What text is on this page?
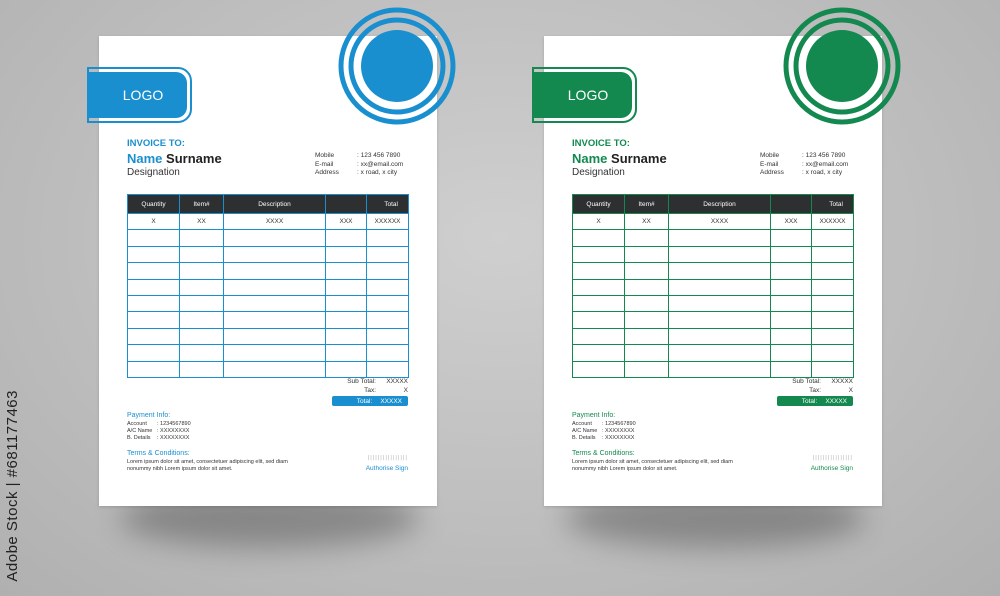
LOGO
INVOICE TO:
Name Surname
Designation
Mobile	: 123 456 7890
E-mail	: xx@email.com
Address	: x road, x city
Quantity	Item#	Description		Total
X	XX	XXXX	XXX	XXXXXX

Sub Total:	XXXXX
Tax:	X
Total: XXXXX
Payment Info:
Account	: 1234567890
A/C Name : XXXXXXXX
B. Details	: XXXXXXXX
Terms & Conditions:
Lorem ipsum dolor sit amet, consectetuer adipiscing elit, sed diam nonummy nibh Lorem ipsum dolor sit amet.
||||||||||||||||
Authorise Sign
LOGO
INVOICE TO:
Name Surname
Designation
Mobile	: 123 456 7890
E-mail	: xx@email.com
Address	: x road, x city
Quantity	Item#	Description		Total
X	XX	XXXX	XXX	XXXXXX

Sub Total:	XXXXX
Tax:	X
Total: XXXXX
Payment Info:
Account	: 1234567890
A/C Name : XXXXXXXX
B. Details	: XXXXXXXX
Terms & Conditions:
Lorem ipsum dolor sit amet, consectetuer adipiscing elit, sed diam nonummy nibh Lorem ipsum dolor sit amet.
||||||||||||||||
Authorise Sign
Adobe Stock | #681177463
